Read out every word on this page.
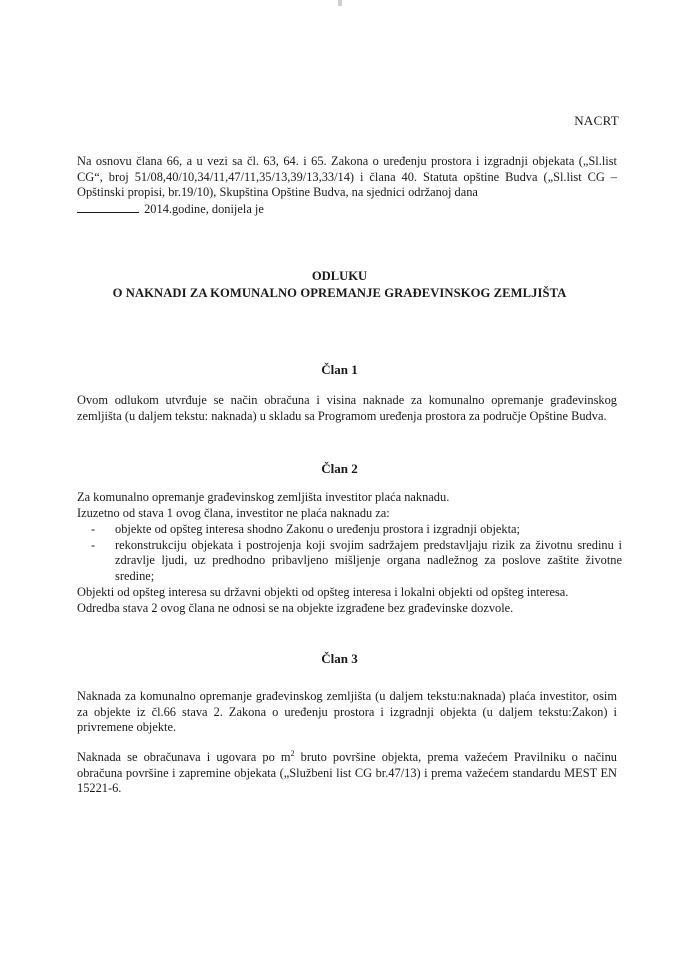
NACRT
Na osnovu člana 66, a u vezi sa čl. 63, 64. i 65. Zakona o uređenju prostora i izgradnji objekata („Sl.list CG“, broj 51/08,40/10,34/11,47/11,35/13,39/13,33/14) i člana 40. Statuta opštine Budva („Sl.list CG – Opštinski propisi, br.19/10), Skupština Opštine Budva, na sjednici održanoj dana
2014.godine, donijela je
ODLUKU
O NAKNADI ZA KOMUNALNO OPREMANJE GRAĐEVINSKOG ZEMLJIŠTA
Član 1
Ovom odlukom utvrđuje se način obračuna i visina naknade za komunalno opremanje građevinskog zemljišta (u daljem tekstu: naknada) u skladu sa Programom uređenja prostora za područje Opštine Budva.
Član 2
Za komunalno opremanje građevinskog zemljišta investitor plaća naknadu.
Izuzetno od stava 1 ovog člana, investitor ne plaća naknadu za:
- objekte od opšteg interesa shodno Zakonu o uređenju prostora i izgradnji objekta;
- rekonstrukciju objekata i postrojenja koji svojim sadržajem predstavljaju rizik za životnu sredinu i zdravlje ljudi, uz predhodno pribavljeno mišljenje organa nadležnog za poslove zaštite životne sredine;
Objekti od opšteg interesa su državni objekti od opšteg interesa i lokalni objekti od opšteg interesa.
Odredba stava 2 ovog člana ne odnosi se na objekte izgrađene bez građevinske dozvole.
Član 3
Naknada za komunalno opremanje građevinskog zemljišta (u daljem tekstu:naknada) plaća investitor, osim za objekte iz čl.66 stava 2. Zakona o uređenju prostora i izgradnji objekta (u daljem tekstu:Zakon) i privremene objekte.
Naknada se obračunava i ugovara po $m^2$ bruto površine objekta, prema važećem Pravilniku o načinu obračuna površine i zapremine objekata („Službeni list CG br.47/13) i prema važećem standardu MEST EN 15221-6.
